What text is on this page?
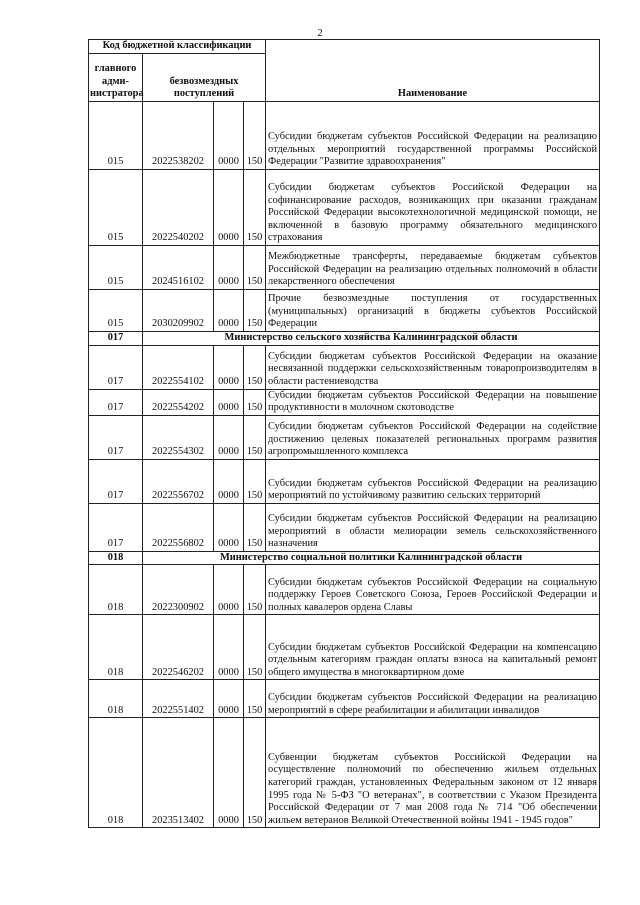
2
Код бюджетной классификации				Наименование
главного адми-нистратора	безвозмездных поступлений			
015	2022538202	0000	150	Субсидии бюджетам субъектов Российской Федерации на реализацию отдельных мероприятий государственной программы Российской Федерации "Развитие здравоохранения"
015	2022540202	0000	150	Субсидии бюджетам субъектов Российской Федерации на софинансирование расходов, возникающих при оказании гражданам Российской Федерации высокотехнологичной медицинской помощи, не включенной в базовую программу обязательного медицинского страхования
015	2024516102	0000	150	Межбюджетные трансферты, передаваемые бюджетам субъектов Российской Федерации на реализацию отдельных полномочий в области лекарственного обеспечения
015	2030209902	0000	150	Прочие безвозмездные поступления от государственных (муниципальных) организаций в бюджеты субъектов Российской Федерации
017	Министерство сельского хозяйства Калининградской области			
017	2022554102	0000	150	Субсидии бюджетам субъектов Российской Федерации на оказание несвязанной поддержки сельскохозяйственным товаропроизводителям в области растениеводства
017	2022554202	0000	150	Субсидии бюджетам субъектов Российской Федерации на повышение продуктивности в молочном скотоводстве
017	2022554302	0000	150	Субсидии бюджетам субъектов Российской Федерации на содействие достижению целевых показателей региональных программ развития агропромышленного комплекса
017	2022556702	0000	150	Субсидии бюджетам субъектов Российской Федерации на реализацию мероприятий по устойчивому развитию сельских территорий
017	2022556802	0000	150	Субсидии бюджетам субъектов Российской Федерации на реализацию мероприятий в области мелиорации земель сельскохозяйственного назначения
018	Министерство социальной политики Калининградской области			
018	2022300902	0000	150	Субсидии бюджетам субъектов Российской Федерации на социальную поддержку Героев Советского Союза, Героев Российской Федерации и полных кавалеров ордена Славы
018	2022546202	0000	150	Субсидии бюджетам субъектов Российской Федерации на компенсацию отдельным категориям граждан оплаты взноса на капитальный ремонт общего имущества в многоквартирном доме
018	2022551402	0000	150	Субсидии бюджетам субъектов Российской Федерации на реализацию мероприятий в сфере реабилитации и абилитации инвалидов
018	2023513402	0000	150	Субвенции бюджетам субъектов Российской Федерации на осуществление полномочий по обеспечению жильем отдельных категорий граждан, установленных Федеральным законом от 12 января 1995 года № 5-ФЗ "О ветеранах", в соответствии с Указом Президента Российской Федерации от 7 мая 2008 года № 714 "Об обеспечении жильем ветеранов Великой Отечественной войны 1941 - 1945 годов"
